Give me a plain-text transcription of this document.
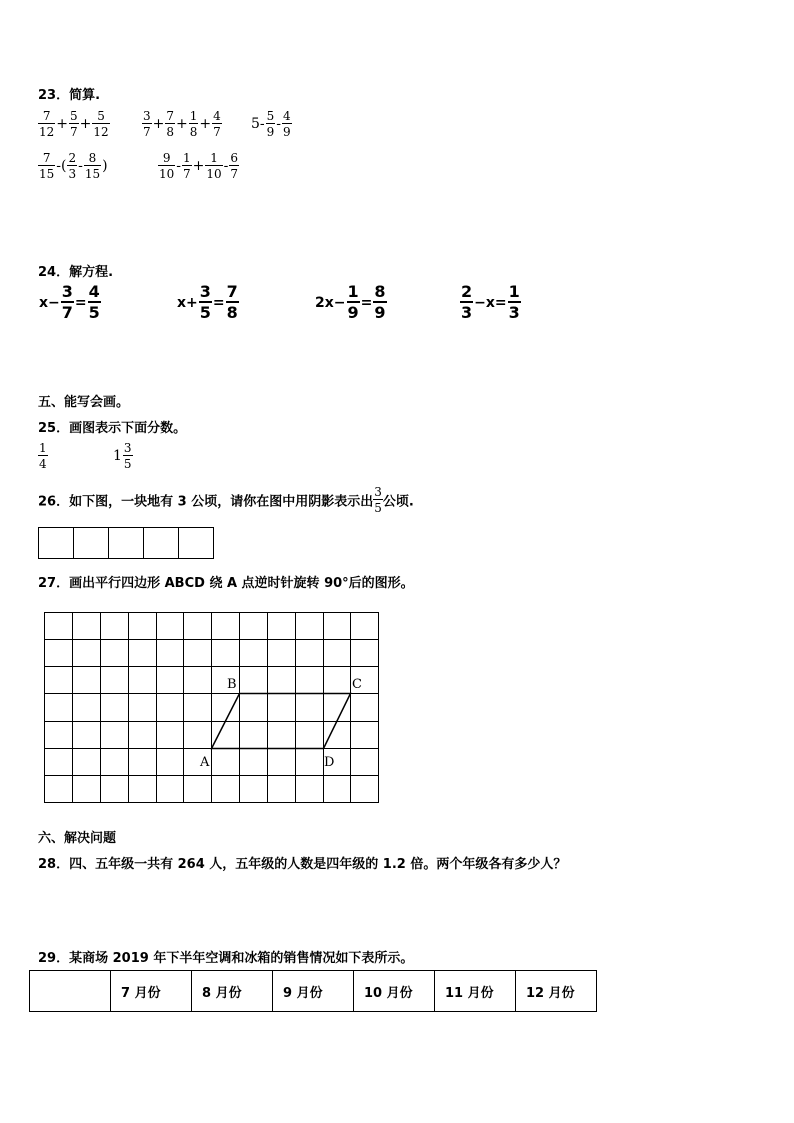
23．简算.
$\frac{7}{12} + \frac{5}{7} + \frac{5}{12}$	$\frac{3}{7} + \frac{7}{8} + \frac{1}{8} + \frac{4}{7} 5- \frac{5}{9} - \frac{4}{9}$
$\frac{7}{15}$ -( $\frac{2}{3} - \frac{8}{15}$ )	$\frac{9}{10} - \frac{1}{7} + \frac{1}{10} - \frac{6}{7}$
24．解方程.
$x- \frac{3}{7} = \frac{4}{5}$	$x+ \frac{3}{5} = \frac{7}{8}$	$2x- \frac{1}{9} = \frac{8}{9}$	$\frac{2}{3} -x= \frac{1}{3}$
五、能写会画。
25．画图表示下面分数。
$\frac{1}{4}$	$1 \frac{3}{5}$
26．如下图，一块地有 3 公顷，请你在图中用阴影表示出 $\frac{3}{5}$ 公顷.

27．画出平行四边形 ABCD 绕 A 点逆时针旋转 90°后的图形。
B	C
A	D
六、解决问题
28．四、五年级一共有 264 人，五年级的人数是四年级的 1.2 倍。两个年级各有多少人？
29．某商场 2019 年下半年空调和冰箱的销售情况如下表所示。
	7 月份	8 月份	9 月份	10 月份	11 月份	12 月份
